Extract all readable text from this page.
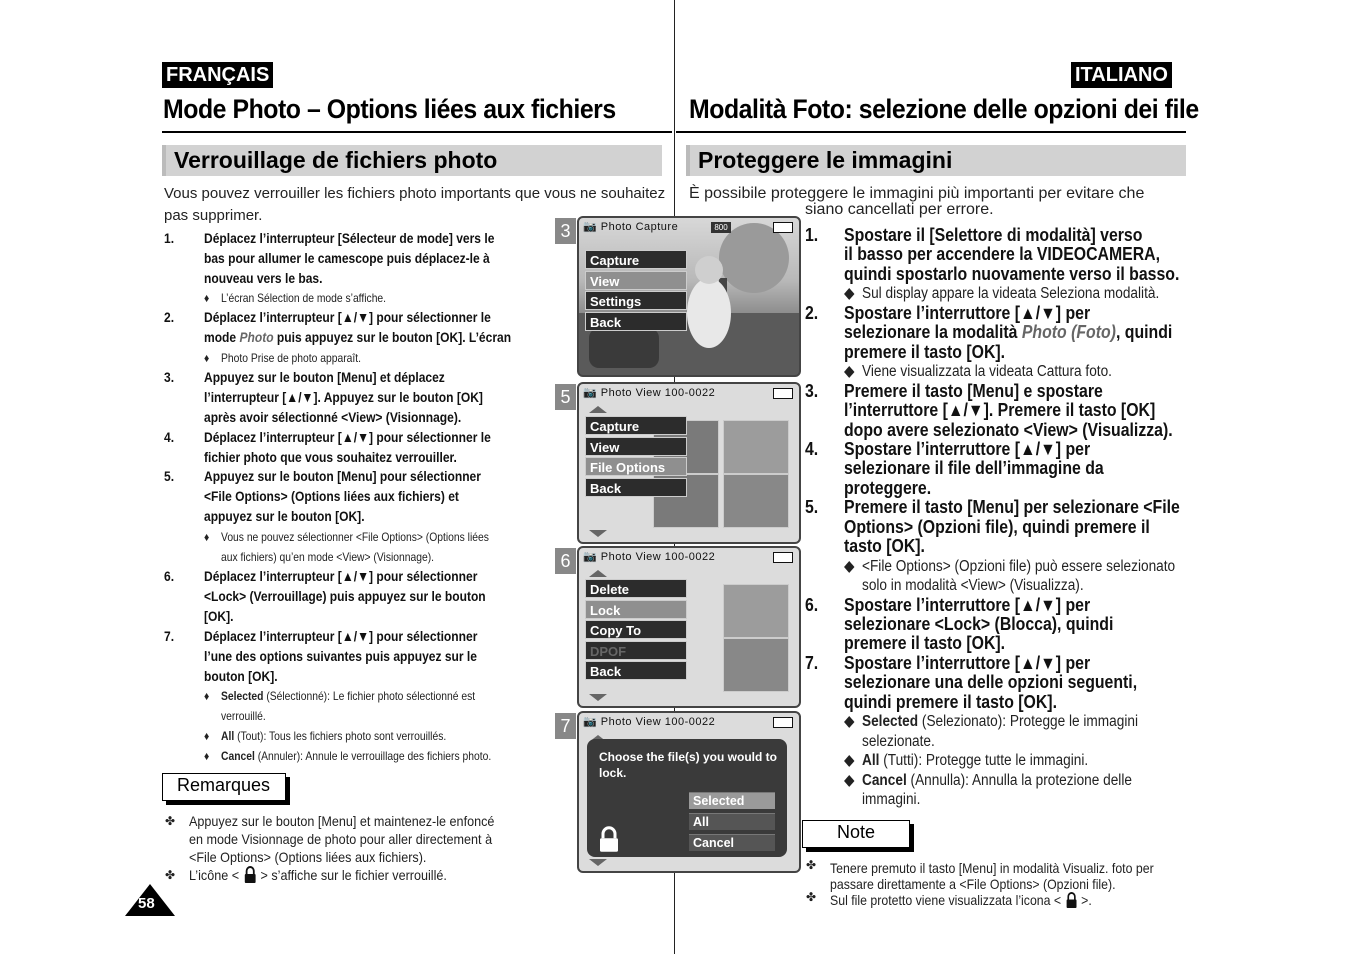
FRANÇAIS
Mode Photo – Options liées aux fichiers
Verrouillage de fichiers photo
Vous pouvez verrouiller les fichiers photo importants que vous ne souhaitez
pas supprimer.
1. Déplacez l’interrupteur [Sélecteur de mode] vers le
bas pour allumer le camescope puis déplacez-le à
nouveau vers le bas.
♦ L’écran Sélection de mode s’affiche.
2. Déplacez l’interrupteur [▲/▼] pour sélectionner le
mode Photo puis appuyez sur le bouton [OK]. L’écran
♦ Photo Prise de photo apparaît.
3. Appuyez sur le bouton [Menu] et déplacez
l’interrupteur [▲/▼]. Appuyez sur le bouton [OK]
après avoir sélectionné <View> (Visionnage).
4. Déplacez l’interrupteur [▲/▼] pour sélectionner le
fichier photo que vous souhaitez verrouiller.
5. Appuyez sur le bouton [Menu] pour sélectionner
<File Options> (Options liées aux fichiers) et
appuyez sur le bouton [OK].
♦ Vous ne pouvez sélectionner <File Options> (Options liées
aux fichiers) qu’en mode <View> (Visionnage).
6. Déplacez l’interrupteur [▲/▼] pour sélectionner
<Lock> (Verrouillage) puis appuyez sur le bouton
[OK].
7. Déplacez l’interrupteur [▲/▼] pour sélectionner
l’une des options suivantes puis appuyez sur le
bouton [OK].
♦ Selected (Sélectionné): Le fichier photo sélectionné est
verrouillé.
♦ All (Tout): Tous les fichiers photo sont verrouillés.
♦ Cancel (Annuler): Annule le verrouillage des fichiers photo.
Remarques
✤ Appuyez sur le bouton [Menu] et maintenez-le enfoncé
en mode Visionnage de photo pour aller directement à
<File Options> (Options liées aux fichiers).
✤ L’icône < > s’affiche sur le fichier verrouillé.
58
ITALIANO
Modalità Foto: selezione delle opzioni dei file
Proteggere le immagini
È possibile proteggere le immagini più importanti per evitare che
siano cancellati per errore.
1. Spostare il [Selettore di modalità] verso
il basso per accendere la VIDEOCAMERA,
quindi spostarlo nuovamente verso il basso.
◆ Sul display appare la videata Seleziona modalità.
2. Spostare l’interruttore [▲/▼] per
selezionare la modalità Photo (Foto), quindi
premere il tasto [OK].
◆ Viene visualizzata la videata Cattura foto.
3. Premere il tasto [Menu] e spostare
l’interruttore [▲/▼]. Premere il tasto [OK]
dopo avere selezionato <View> (Visualizza).
4. Spostare l’interruttore [▲/▼] per
selezionare il file dell’immagine da
proteggere.
5. Premere il tasto [Menu] per selezionare <File
Options> (Opzioni file), quindi premere il
tasto [OK].
◆ <File Options> (Opzioni file) può essere selezionato
solo in modalità <View> (Visualizza).
6. Spostare l’interruttore [▲/▼] per
selezionare <Lock> (Blocca), quindi
premere il tasto [OK].
7. Spostare l’interruttore [▲/▼] per
selezionare una delle opzioni seguenti,
quindi premere il tasto [OK].
◆ Selected (Selezionato): Protegge le immagini
selezionate.
◆ All (Tutti): Protegge tutte le immagini.
◆ Cancel (Annulla): Annulla la protezione delle
immagini.
Note
✤ Tenere premuto il tasto [Menu] in modalità Visualiz. foto per
passare direttamente a <File Options> (Opzioni file).
✤ Sul file protetto viene visualizzata l’icona < >.
3	📷 Photo Capture	800
Capture
View
Settings
Back
5	📷 Photo View 100-0022
Capture
View
File Options
Back
6	📷 Photo View 100-0022
Delete
Lock
Copy To
DPOF
Back
7	📷 Photo View 100-0022
Choose the file(s) you would to lock.
Selected
All
Cancel
